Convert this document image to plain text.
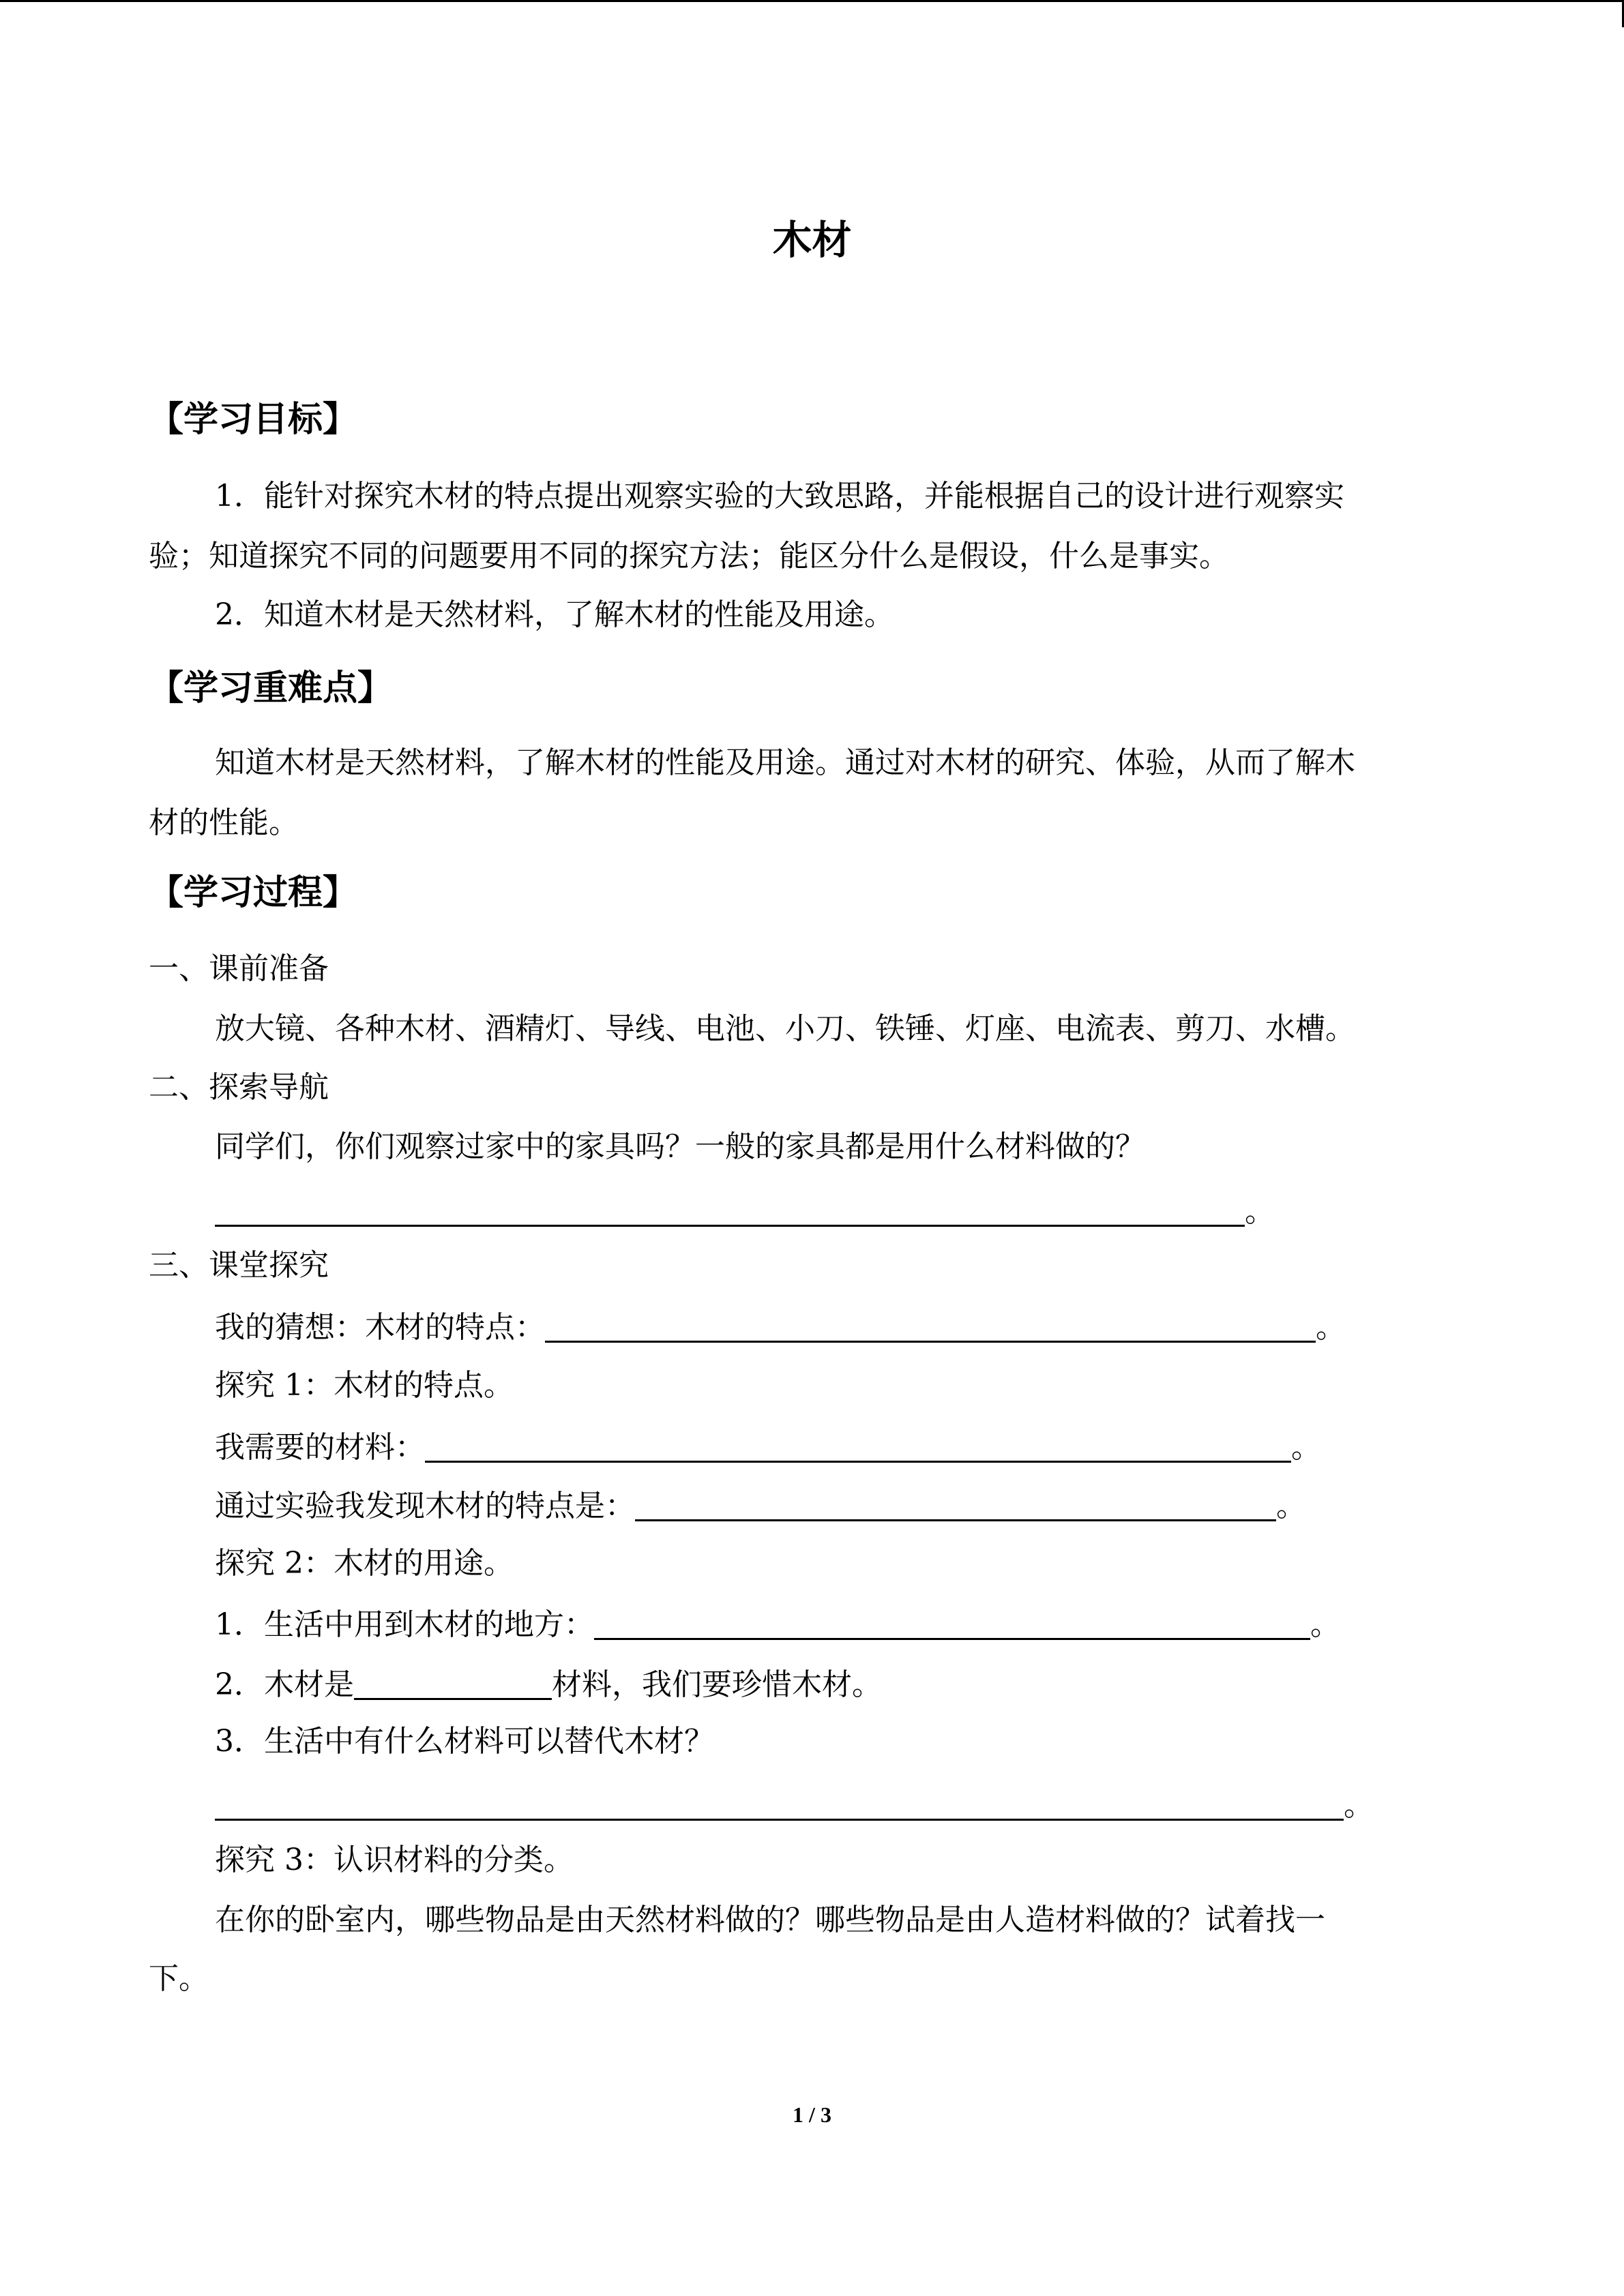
木材
【学习目标】
1．能针对探究木材的特点提出观察实验的大致思路，并能根据自己的设计进行观察实
验；知道探究不同的问题要用不同的探究方法；能区分什么是假设，什么是事实。
2．知道木材是天然材料，了解木材的性能及用途。
【学习重难点】
知道木材是天然材料，了解木材的性能及用途。通过对木材的研究、体验，从而了解木
材的性能。
【学习过程】
一、课前准备
放大镜、各种木材、酒精灯、导线、电池、小刀、铁锤、灯座、电流表、剪刀、水槽。
二、探索导航
同学们，你们观察过家中的家具吗？一般的家具都是用什么材料做的？
。
三、课堂探究
我的猜想：木材的特点：	。
探究 1：木材的特点。
我需要的材料：	。
通过实验我发现木材的特点是：	。
探究 2：木材的用途。
1．生活中用到木材的地方：	。
2．木材是	材料，我们要珍惜木材。
3．生活中有什么材料可以替代木材？
。
探究 3：认识材料的分类。
在你的卧室内，哪些物品是由天然材料做的？哪些物品是由人造材料做的？试着找一
下。
1 / 3
